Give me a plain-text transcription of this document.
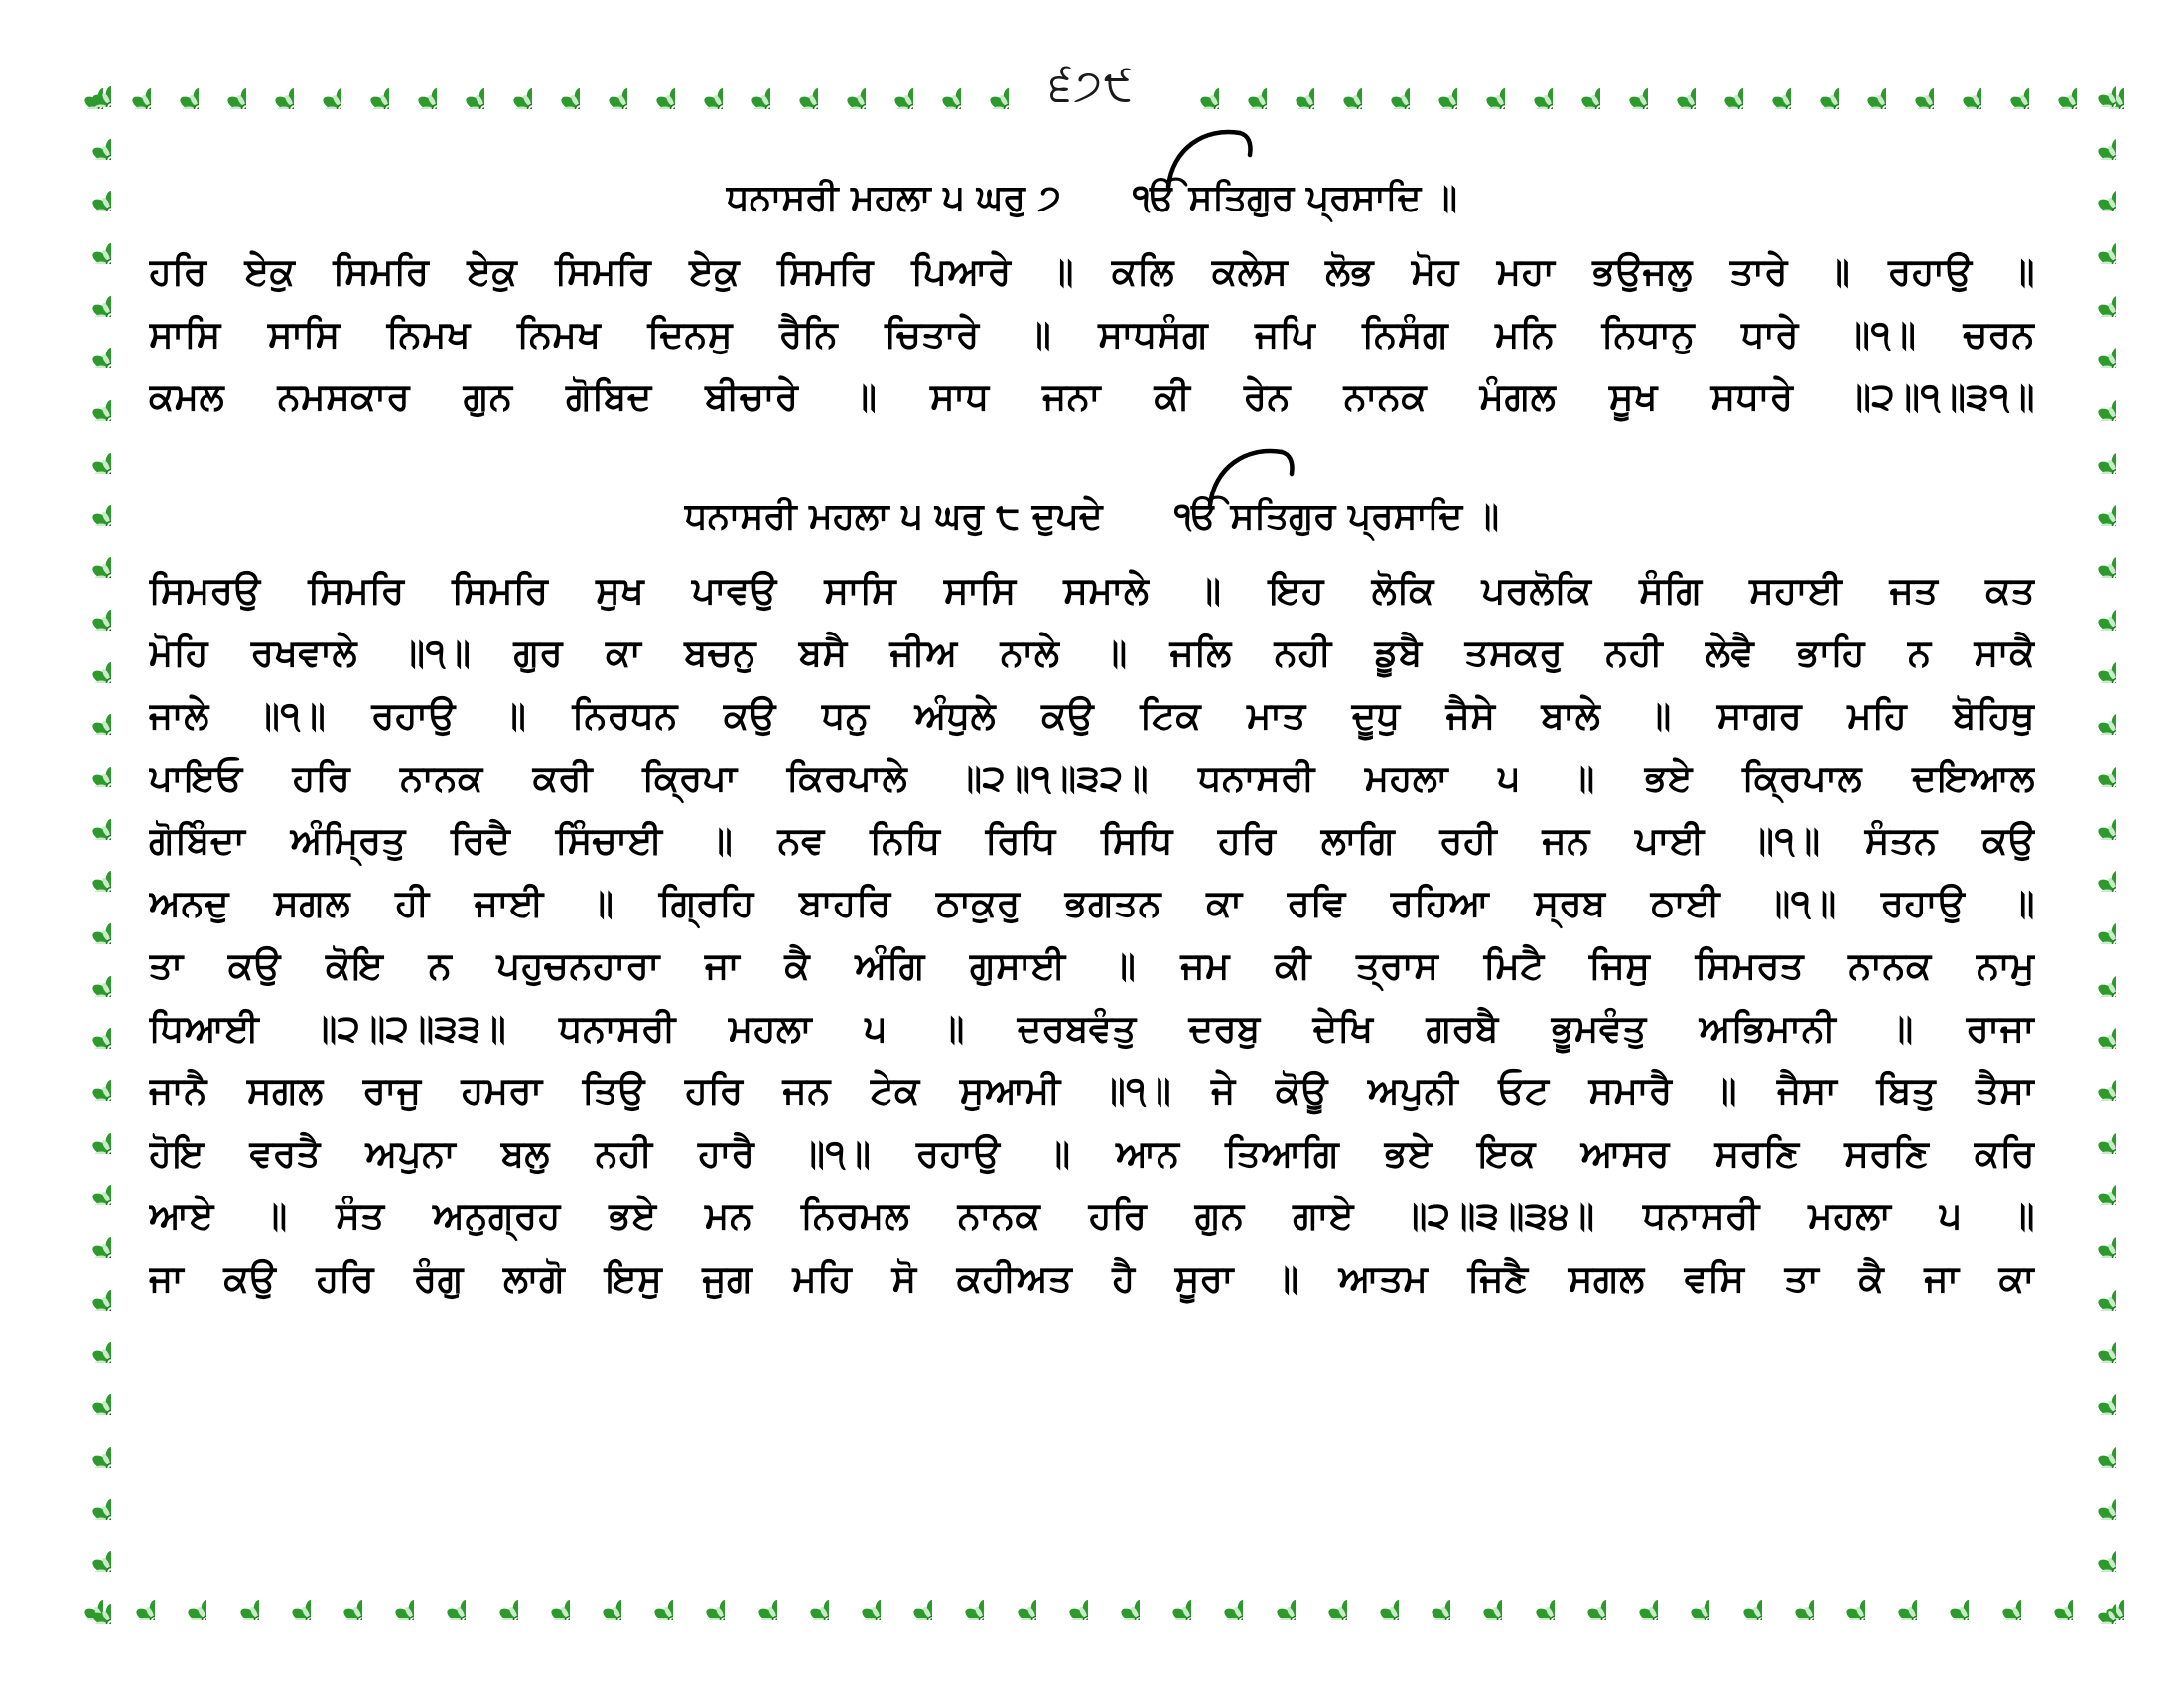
੬੭੯
ਧਨਾਸਰੀ ਮਹਲਾ ੫ ਘਰੁ ੭ ੴ ਸਤਿਗੁਰ ਪ੍ਰਸਾਦਿ ॥
ਹਰਿ ਏਕੁ ਸਿਮਰਿ ਏਕੁ ਸਿਮਰਿ ਏਕੁ ਸਿਮਰਿ ਪਿਆਰੇ ॥ ਕਲਿ ਕਲੇਸ ਲੋਭ ਮੋਹ ਮਹਾ ਭਉਜਲੁ ਤਾਰੇ ॥ ਰਹਾਉ ॥
ਸਾਸਿ ਸਾਸਿ ਨਿਮਖ ਨਿਮਖ ਦਿਨਸੁ ਰੈਨਿ ਚਿਤਾਰੇ ॥ ਸਾਧਸੰਗ ਜਪਿ ਨਿਸੰਗ ਮਨਿ ਨਿਧਾਨੁ ਧਾਰੇ ॥੧॥ ਚਰਨ
ਕਮਲ ਨਮਸਕਾਰ ਗੁਨ ਗੋਬਿਦ ਬੀਚਾਰੇ ॥ ਸਾਧ ਜਨਾ ਕੀ ਰੇਨ ਨਾਨਕ ਮੰਗਲ ਸੂਖ ਸਧਾਰੇ ॥੨॥੧॥੩੧॥
ਧਨਾਸਰੀ ਮਹਲਾ ੫ ਘਰੁ ੮ ਦੁਪਦੇ ੴ ਸਤਿਗੁਰ ਪ੍ਰਸਾਦਿ ॥
ਸਿਮਰਉ ਸਿਮਰਿ ਸਿਮਰਿ ਸੁਖ ਪਾਵਉ ਸਾਸਿ ਸਾਸਿ ਸਮਾਲੇ ॥ ਇਹ ਲੋਕਿ ਪਰਲੋਕਿ ਸੰਗਿ ਸਹਾਈ ਜਤ ਕਤ
ਮੋਹਿ ਰਖਵਾਲੇ ॥੧॥ ਗੁਰ ਕਾ ਬਚਨੁ ਬਸੈ ਜੀਅ ਨਾਲੇ ॥ ਜਲਿ ਨਹੀ ਡੂਬੈ ਤਸਕਰੁ ਨਹੀ ਲੇਵੈ ਭਾਹਿ ਨ ਸਾਕੈ
ਜਾਲੇ ॥੧॥ ਰਹਾਉ ॥ ਨਿਰਧਨ ਕਉ ਧਨੁ ਅੰਧੁਲੇ ਕਉ ਟਿਕ ਮਾਤ ਦੂਧੁ ਜੈਸੇ ਬਾਲੇ ॥ ਸਾਗਰ ਮਹਿ ਬੋਹਿਥੁ
ਪਾਇਓ ਹਰਿ ਨਾਨਕ ਕਰੀ ਕ੍ਰਿਪਾ ਕਿਰਪਾਲੇ ॥੨॥੧॥੩੨॥ ਧਨਾਸਰੀ ਮਹਲਾ ੫ ॥ ਭਏ ਕ੍ਰਿਪਾਲ ਦਇਆਲ
ਗੋਬਿੰਦਾ ਅੰਮ੍ਰਿਤੁ ਰਿਦੈ ਸਿੰਚਾਈ ॥ ਨਵ ਨਿਧਿ ਰਿਧਿ ਸਿਧਿ ਹਰਿ ਲਾਗਿ ਰਹੀ ਜਨ ਪਾਈ ॥੧॥ ਸੰਤਨ ਕਉ
ਅਨਦੁ ਸਗਲ ਹੀ ਜਾਈ ॥ ਗ੍ਰਿਹਿ ਬਾਹਰਿ ਠਾਕੁਰੁ ਭਗਤਨ ਕਾ ਰਵਿ ਰਹਿਆ ਸ੍ਰਬ ਠਾਈ ॥੧॥ ਰਹਾਉ ॥
ਤਾ ਕਉ ਕੋਇ ਨ ਪਹੁਚਨਹਾਰਾ ਜਾ ਕੈ ਅੰਗਿ ਗੁਸਾਈ ॥ ਜਮ ਕੀ ਤ੍ਰਾਸ ਮਿਟੈ ਜਿਸੁ ਸਿਮਰਤ ਨਾਨਕ ਨਾਮੁ
ਧਿਆਈ ॥੨॥੨॥੩੩॥ ਧਨਾਸਰੀ ਮਹਲਾ ੫ ॥ ਦਰਬਵੰਤੁ ਦਰਬੁ ਦੇਖਿ ਗਰਬੈ ਭੂਮਵੰਤੁ ਅਭਿਮਾਨੀ ॥ ਰਾਜਾ
ਜਾਨੈ ਸਗਲ ਰਾਜੁ ਹਮਰਾ ਤਿਉ ਹਰਿ ਜਨ ਟੇਕ ਸੁਆਮੀ ॥੧॥ ਜੇ ਕੋਊ ਅਪੁਨੀ ਓਟ ਸਮਾਰੈ ॥ ਜੈਸਾ ਬਿਤੁ ਤੈਸਾ
ਹੋਇ ਵਰਤੈ ਅਪੁਨਾ ਬਲੁ ਨਹੀ ਹਾਰੈ ॥੧॥ ਰਹਾਉ ॥ ਆਨ ਤਿਆਗਿ ਭਏ ਇਕ ਆਸਰ ਸਰਣਿ ਸਰਣਿ ਕਰਿ
ਆਏ ॥ ਸੰਤ ਅਨੁਗ੍ਰਹ ਭਏ ਮਨ ਨਿਰਮਲ ਨਾਨਕ ਹਰਿ ਗੁਨ ਗਾਏ ॥੨॥੩॥੩੪॥ ਧਨਾਸਰੀ ਮਹਲਾ ੫ ॥
ਜਾ ਕਉ ਹਰਿ ਰੰਗੁ ਲਾਗੋ ਇਸੁ ਜੁਗ ਮਹਿ ਸੋ ਕਹੀਅਤ ਹੈ ਸੂਰਾ ॥ ਆਤਮ ਜਿਣੈ ਸਗਲ ਵਸਿ ਤਾ ਕੈ ਜਾ ਕਾ
